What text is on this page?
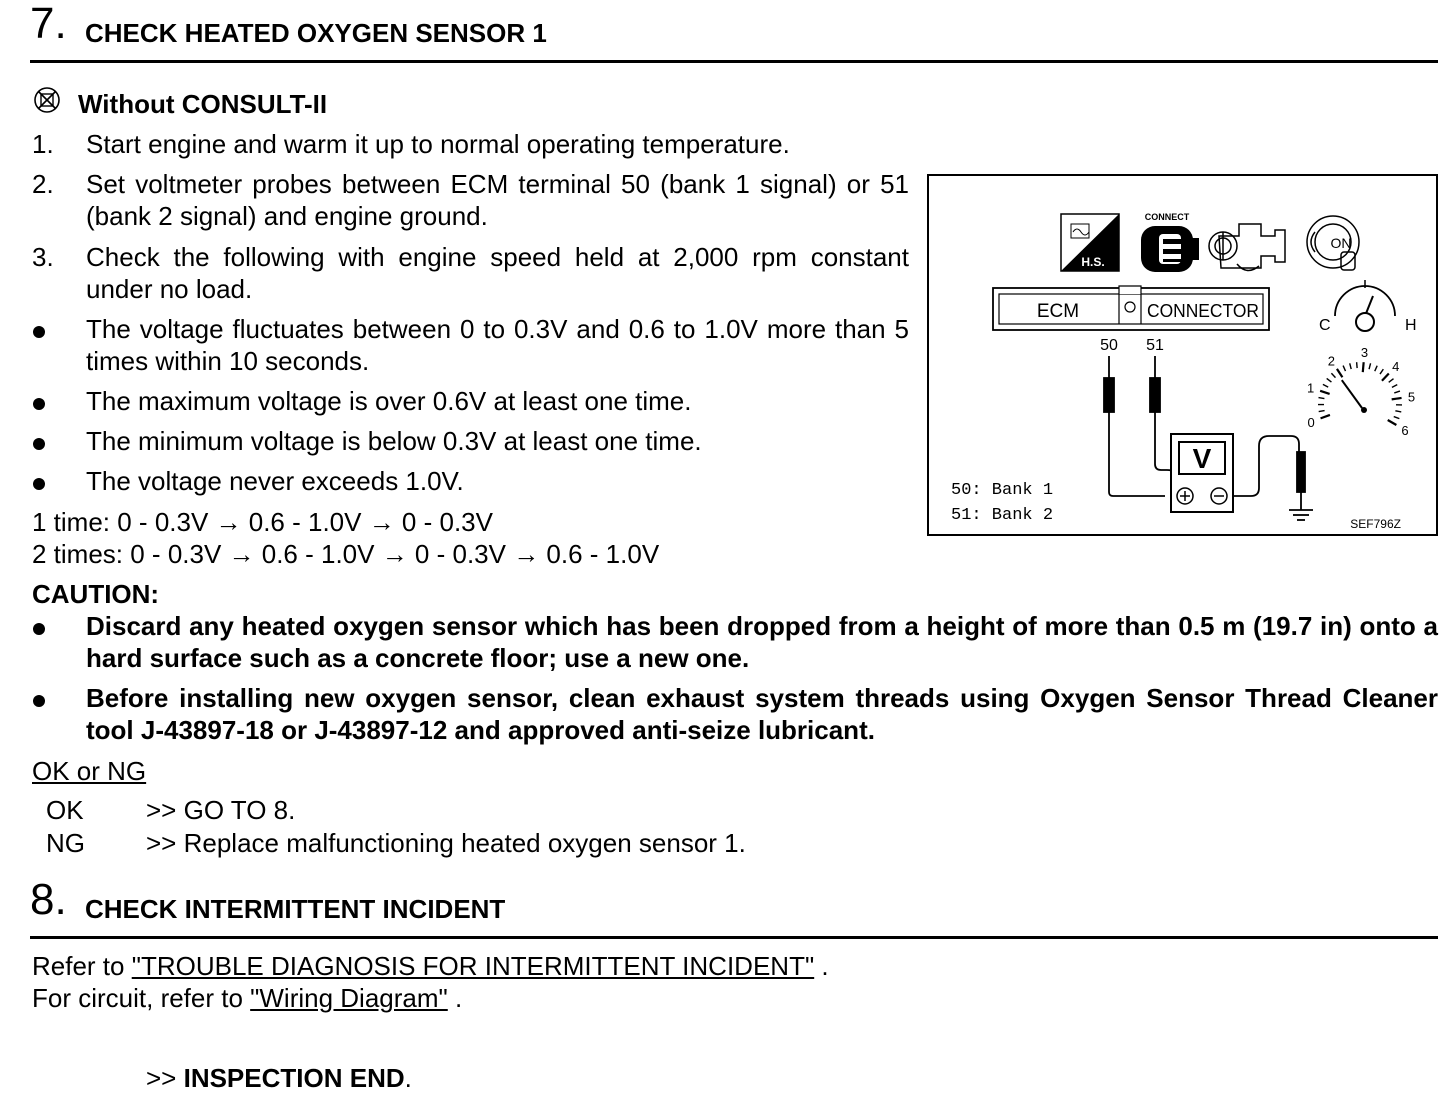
7. CHECK HEATED OXYGEN SENSOR 1
Without CONSULT-II
1. Start engine and warm it up to normal operating temperature.
2. Set voltmeter probes between ECM terminal 50 (bank 1 signal) or 51 (bank 2 signal) and engine ground.
3. Check the following with engine speed held at 2,000 rpm constant under no load.
The voltage fluctuates between 0 to 0.3V and 0.6 to 1.0V more than 5 times within 10 seconds.
The maximum voltage is over 0.6V at least one time.
The minimum voltage is below 0.3V at least one time.
The voltage never exceeds 1.0V.
1 time: 0 - 0.3V → 0.6 - 1.0V → 0 - 0.3V
2 times: 0 - 0.3V → 0.6 - 1.0V → 0 - 0.3V → 0.6 - 1.0V
CAUTION:
Discard any heated oxygen sensor which has been dropped from a height of more than 0.5 m (19.7 in) onto a hard surface such as a concrete floor; use a new one.
Before installing new oxygen sensor, clean exhaust system threads using Oxygen Sensor Thread Cleaner tool J-43897-18 or J-43897-12 and approved anti-seize lubricant.
OK or NG
OK >> GO TO 8.
NG >> Replace malfunctioning heated oxygen sensor 1.
H.S.
CONNECT
ON
ECM	CONNECTOR
50 51
V
C	H
0
1
2
3
4
5
6
50: Bank 1
51: Bank 2	SEF796Z
8. CHECK INTERMITTENT INCIDENT
Refer to "TROUBLE DIAGNOSIS FOR INTERMITTENT INCIDENT" .
For circuit, refer to "Wiring Diagram" .
>> INSPECTION END.
